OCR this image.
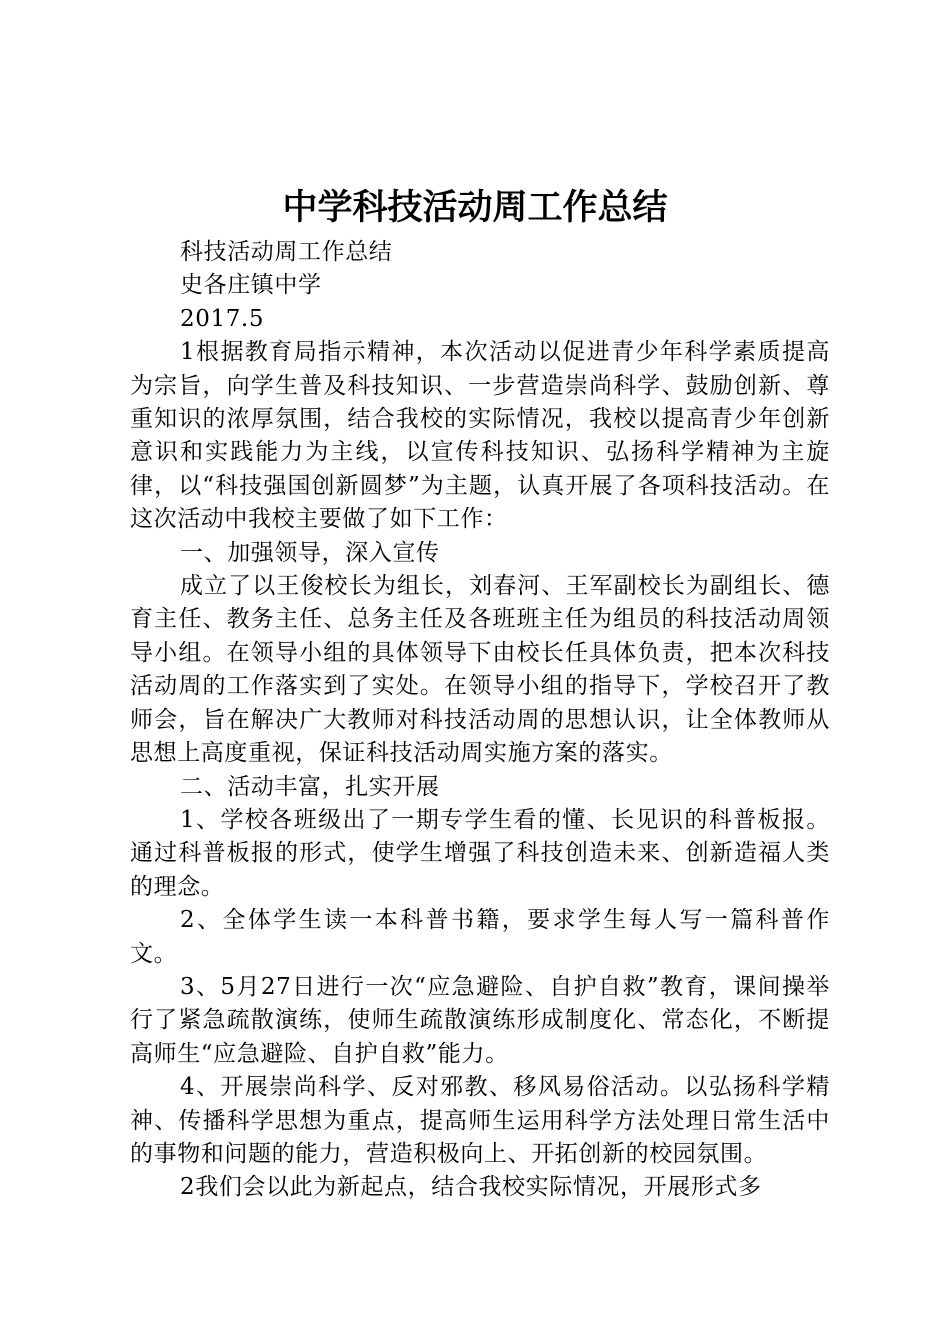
中学科技活动周工作总结

科技活动周工作总结

史各庄镇中学

2017.5

1根据教育局指示精神，本次活动以促进青少年科学素质提高为宗旨，向学生普及科技知识、一步营造崇尚科学、鼓励创新、尊重知识的浓厚氛围，结合我校的实际情况，我校以提高青少年创新意识和实践能力为主线，以宣传科技知识、弘扬科学精神为主旋律，以“科技强国创新圆梦”为主题，认真开展了各项科技活动。在这次活动中我校主要做了如下工作：

一、加强领导，深入宣传

成立了以王俊校长为组长，刘春河、王军副校长为副组长、德育主任、教务主任、总务主任及各班班主任为组员的科技活动周领导小组。在领导小组的具体领导下由校长任具体负责，把本次科技活动周的工作落实到了实处。在领导小组的指导下，学校召开了教师会，旨在解决广大教师对科技活动周的思想认识，让全体教师从思想上高度重视，保证科技活动周实施方案的落实。

二、活动丰富，扎实开展

1、学校各班级出了一期专学生看的懂、长见识的科普板报。通过科普板报的形式，使学生增强了科技创造未来、创新造福人类的理念。

2、全体学生读一本科普书籍，要求学生每人写一篇科普作文。

3、5月27日进行一次“应急避险、自护自救”教育，课间操举行了紧急疏散演练，使师生疏散演练形成制度化、常态化，不断提高师生“应急避险、自护自救”能力。

4、开展崇尚科学、反对邪教、移风易俗活动。以弘扬科学精神、传播科学思想为重点，提高师生运用科学方法处理日常生活中的事物和问题的能力，营造积极向上、开拓创新的校园氛围。

2我们会以此为新起点，结合我校实际情况，开展形式多
